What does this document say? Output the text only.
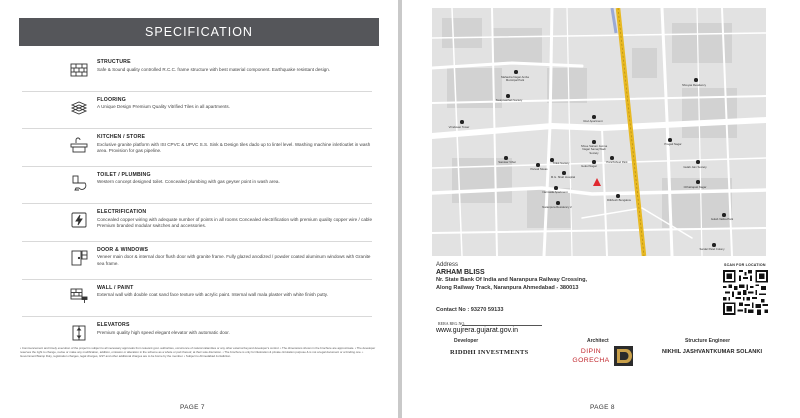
SPECIFICATION
STRUCTURE
Safe & Sound quality controlled R.C.C. frame structure with best material component. Earthquake resistant design.
FLOORING
A Unique Design Premium Quality Vitrified Tiles in all apartments.
KITCHEN / STORE
Exclusive granite platform with ISI CPVC & UPVC S.S. Sink & Design tiles dado up to lintel level. Washing machine inlet/outlet in wash area. Provision for gas pipeline.
TOILET / PLUMBING
Western concept designed toilet. Concealed plumbing with gas geyser point in wash area.
ELECTRIFICATION
Concealed copper wiring with adequate number of points in all rooms Concealed electrification with premium quality copper wire / cable Premium branded modular switches and accessories.
DOOR & WINDOWS
Veneer main door & internal door flush door with granite frame. Fully glazed anodized / powder coated aluminum windows with Granite sea frame.
WALL / PAINT
External wall with double coat sand face texture with acrylic paint. Internal wall mala plaster with white finish putty.
ELEVATORS
Premium quality high speed elegant elevator with automatic door.
• Commencement and timely execution of the project is subject to all necessary approvals from relevant govt. authorities, occurrence of natural calamities or any other external beyond developer's control. • The dimensions shown in the brochure are approximate. • The developer reserves the right to change, revise or make any modification, addition, omission or alteration in the scheme as a whole or part thereof, at their sole discretion. • The brochure is only for illustration & private circulation purpose & is not a legal document or a binding one. • Government/Stamp Duty, registration charges, legal charges, GST and other additional charges are to be borne by the member. • Subject to Ahmedabad Jurisdiction.
PAGE 7
Mahavira Nagar Amba Municipal Park
Swapnasthali Society
Rovi Apartment
Shreyas Residency
Shree Sairam Jamna Nagar Samaj Wadi Society
Pragati Nagar
Vrindavan Tower
Panchsheel Park
Parvati Niwas
Sanskar Vihar	Trilok Society
Gokul Nagar
M.G. Shah Hospital
Narmada Apartment
Gulab Jain Society
Chhatrapati Nagar
Dilkhush Bungalow
Gulab Vatika Park
Naranpura Residency 2
Sardar Patel Colony
Address
ARHAM BLISS
Nr. State Bank Of India and Naranpura Railway Crossing,
Along Railway Track, Naranpura Ahmedabad - 380013
Contact No : 93270 59133
RERA REG.NO.
www.gujrera.gujarat.gov.in
SCAN FOR LOCATION
Developer	Architect	Structure Engineer
RIDDHI INVESTMENTS	DIPIN
GORECHA
NIKHIL JASHVANTKUMAR SOLANKI
PAGE 8
